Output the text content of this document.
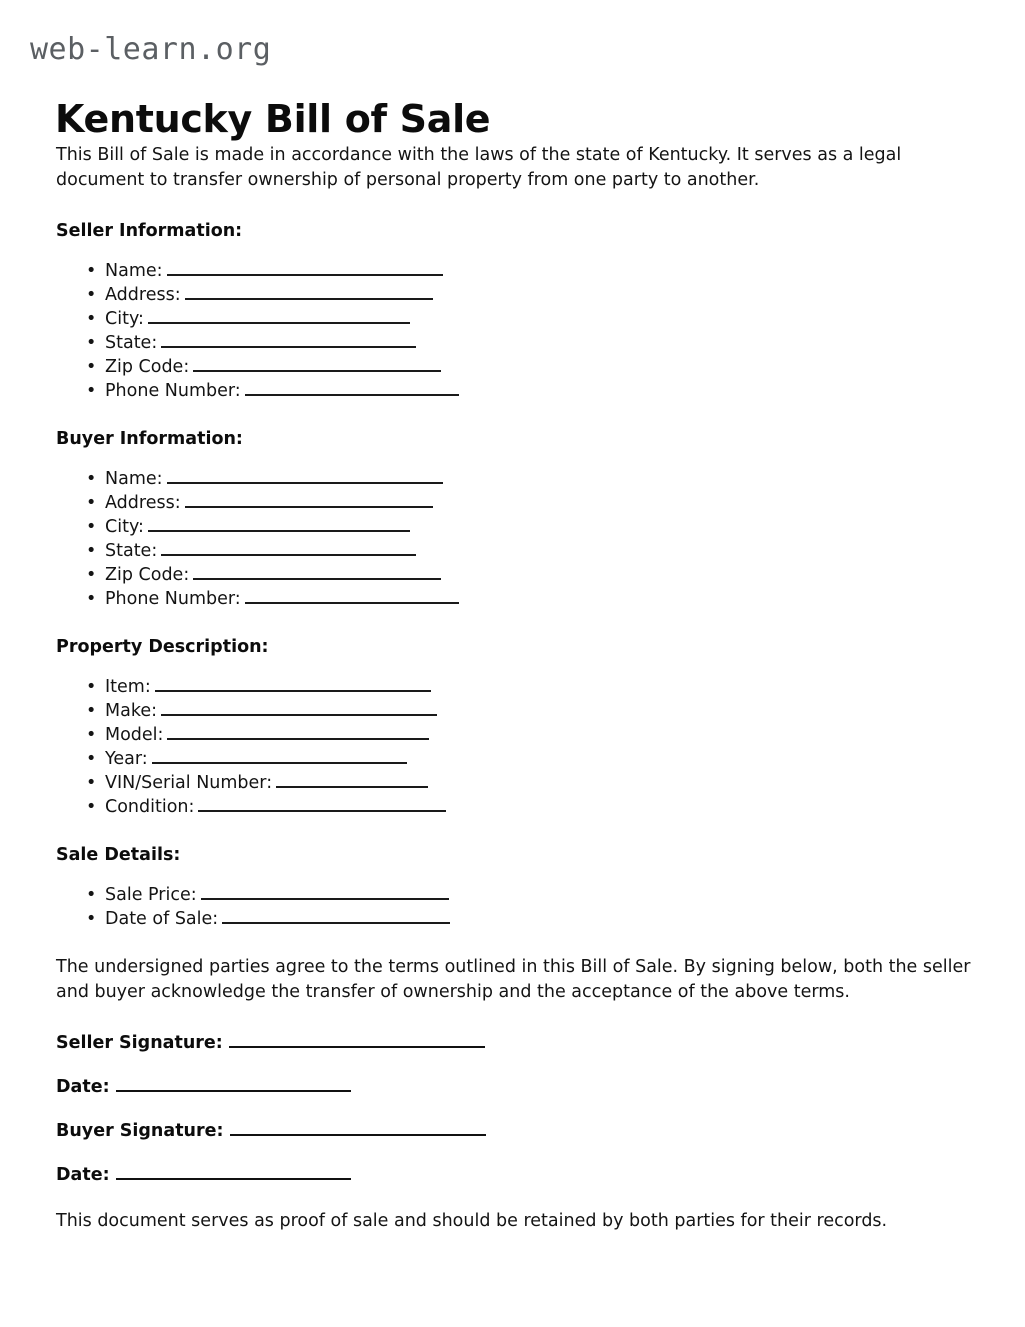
web-learn.org
Kentucky Bill of Sale

This Bill of Sale is made in accordance with the laws of the state of Kentucky. It serves as a legal document to transfer ownership of personal property from one party to another.

Seller Information:
• Name:
• Address:
• City:
• State:
• Zip Code:
• Phone Number:
Buyer Information:
• Name:
• Address:
• City:
• State:
• Zip Code:
• Phone Number:
Property Description:
• Item:
• Make:
• Model:
• Year:
• VIN/Serial Number:
• Condition:
Sale Details:
• Sale Price:
• Date of Sale:

The undersigned parties agree to the terms outlined in this Bill of Sale. By signing below, both the seller and buyer acknowledge the transfer of ownership and the acceptance of the above terms.

Seller Signature:
Date:
Buyer Signature:
Date:

This document serves as proof of sale and should be retained by both parties for their records.
